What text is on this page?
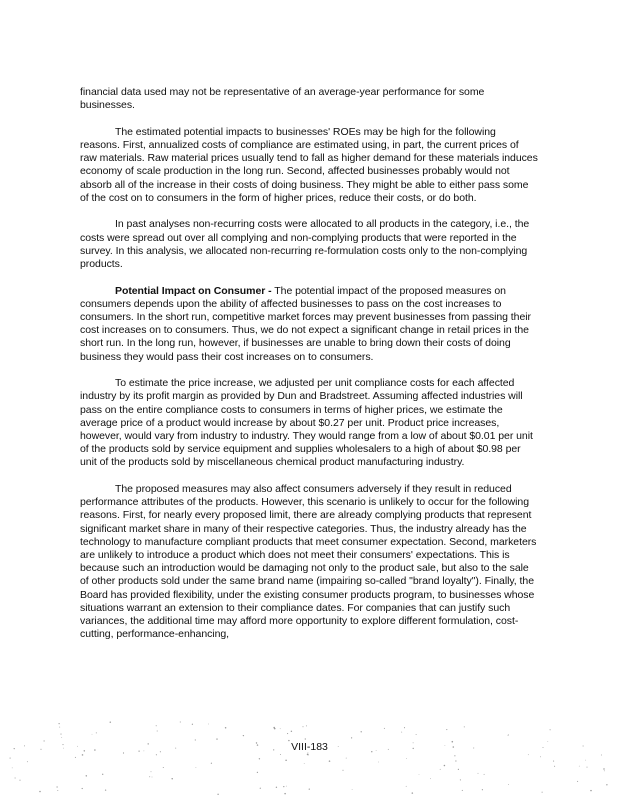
financial data used may not be representative of an average-year performance for some businesses.

The estimated potential impacts to businesses' ROEs may be high for the following reasons. First, annualized costs of compliance are estimated using, in part, the current prices of raw materials. Raw material prices usually tend to fall as higher demand for these materials induces economy of scale production in the long run. Second, affected businesses probably would not absorb all of the increase in their costs of doing business. They might be able to either pass some of the cost on to consumers in the form of higher prices, reduce their costs, or do both.

In past analyses non-recurring costs were allocated to all products in the category, i.e., the costs were spread out over all complying and non-complying products that were reported in the survey. In this analysis, we allocated non-recurring re-formulation costs only to the non-complying products.

Potential Impact on Consumer - The potential impact of the proposed measures on consumers depends upon the ability of affected businesses to pass on the cost increases to consumers. In the short run, competitive market forces may prevent businesses from passing their cost increases on to consumers. Thus, we do not expect a significant change in retail prices in the short run. In the long run, however, if businesses are unable to bring down their costs of doing business they would pass their cost increases on to consumers.

To estimate the price increase, we adjusted per unit compliance costs for each affected industry by its profit margin as provided by Dun and Bradstreet. Assuming affected industries will pass on the entire compliance costs to consumers in terms of higher prices, we estimate the average price of a product would increase by about $0.27 per unit. Product price increases, however, would vary from industry to industry. They would range from a low of about $0.01 per unit of the products sold by service equipment and supplies wholesalers to a high of about $0.98 per unit of the products sold by miscellaneous chemical product manufacturing industry.

The proposed measures may also affect consumers adversely if they result in reduced performance attributes of the products. However, this scenario is unlikely to occur for the following reasons. First, for nearly every proposed limit, there are already complying products that represent significant market share in many of their respective categories. Thus, the industry already has the technology to manufacture compliant products that meet consumer expectation. Second, marketers are unlikely to introduce a product which does not meet their consumers' expectations. This is because such an introduction would be damaging not only to the product sale, but also to the sale of other products sold under the same brand name (impairing so-called "brand loyalty"). Finally, the Board has provided flexibility, under the existing consumer products program, to businesses whose situations warrant an extension to their compliance dates. For companies that can justify such variances, the additional time may afford more opportunity to explore different formulation, cost-cutting, performance-enhancing,

VIII-183
